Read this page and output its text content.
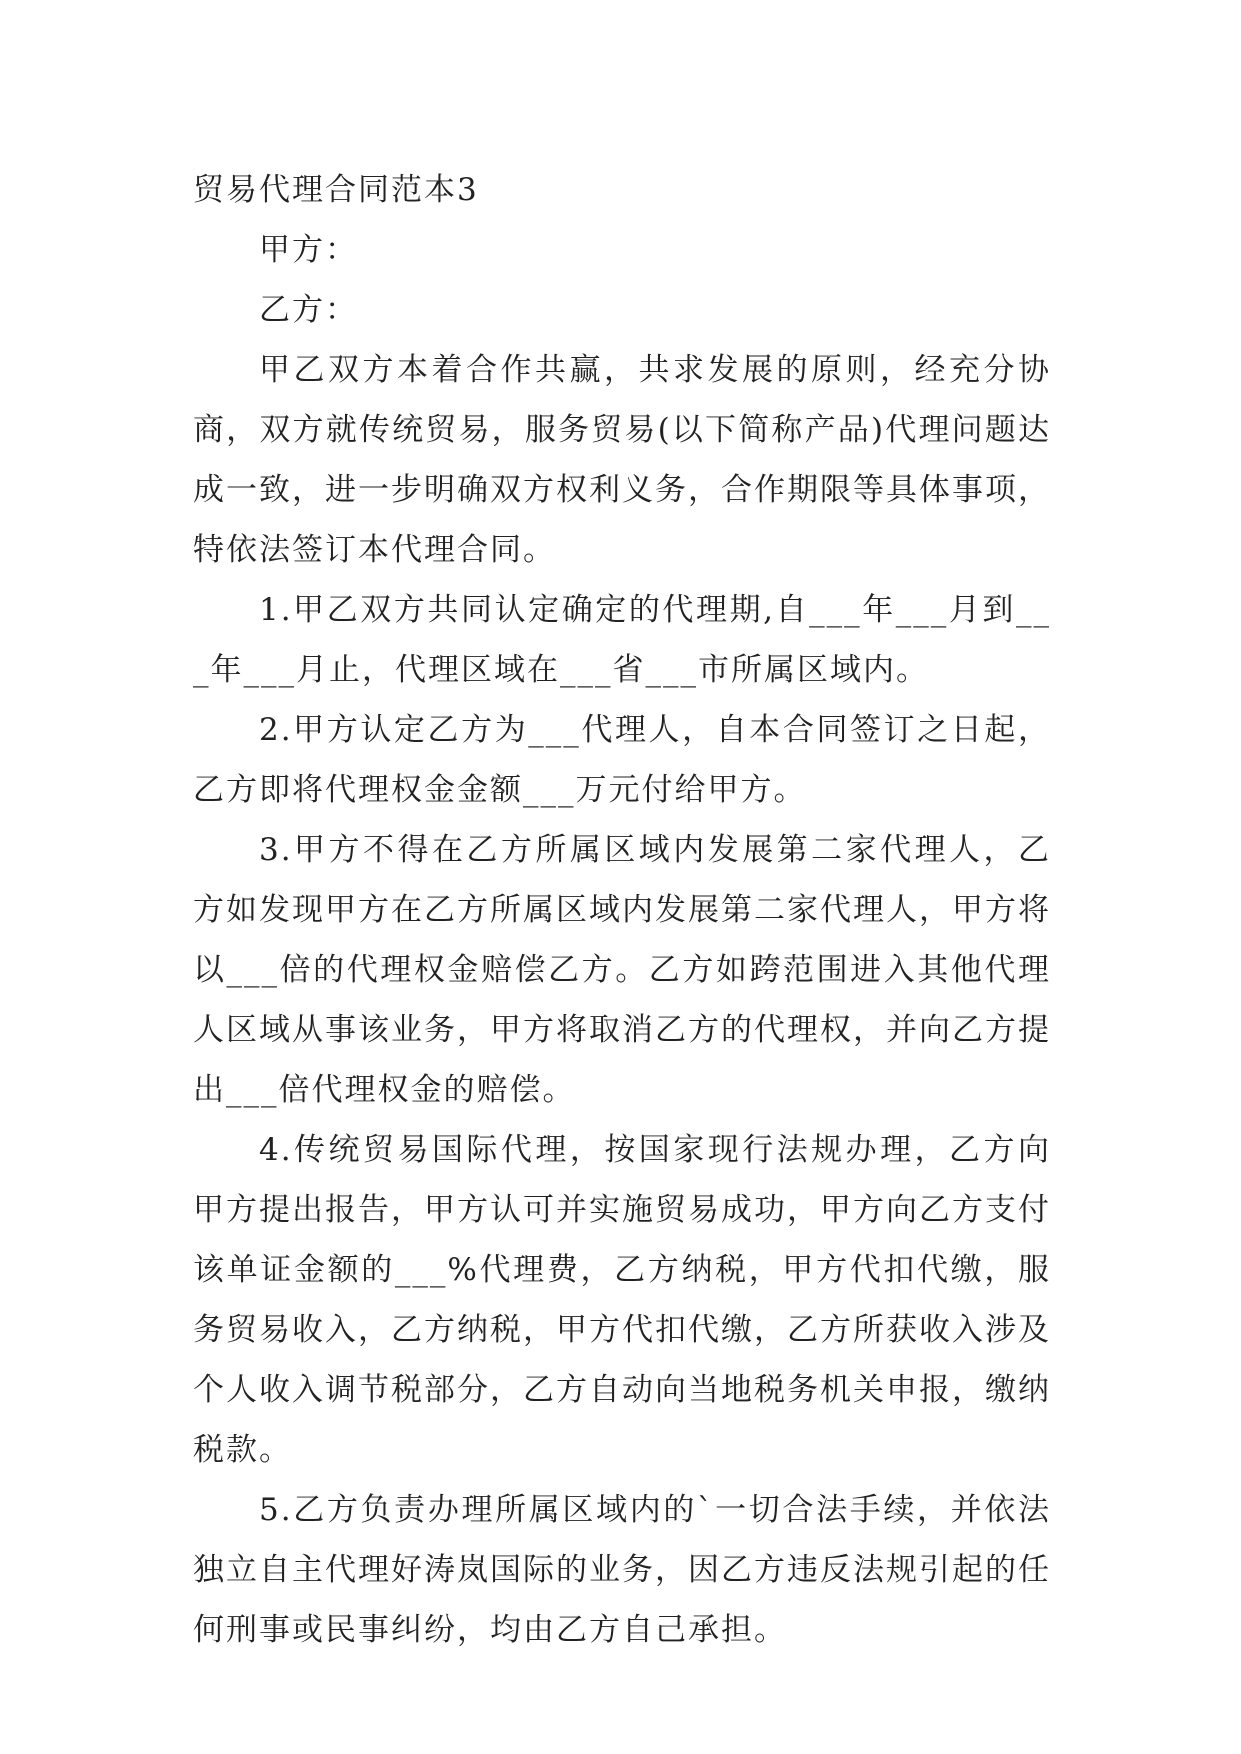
贸易代理合同范本3

甲方：

乙方：

甲乙双方本着合作共赢，共求发展的原则，经充分协商，双方就传统贸易，服务贸易(以下简称产品)代理问题达成一致，进一步明确双方权利义务，合作期限等具体事项，特依法签订本代理合同。

1.甲乙双方共同认定确定的代理期,自___年___月到___年___月止，代理区域在___省___市所属区域内。

2.甲方认定乙方为___代理人，自本合同签订之日起，乙方即将代理权金金额___万元付给甲方。

3.甲方不得在乙方所属区域内发展第二家代理人，乙方如发现甲方在乙方所属区域内发展第二家代理人，甲方将以___倍的代理权金赔偿乙方。乙方如跨范围进入其他代理人区域从事该业务，甲方将取消乙方的代理权，并向乙方提出___倍代理权金的赔偿。

4.传统贸易国际代理，按国家现行法规办理，乙方向甲方提出报告，甲方认可并实施贸易成功，甲方向乙方支付该单证金额的___%代理费，乙方纳税，甲方代扣代缴，服务贸易收入，乙方纳税，甲方代扣代缴，乙方所获收入涉及个人收入调节税部分，乙方自动向当地税务机关申报，缴纳税款。

5.乙方负责办理所属区域内的`一切合法手续，并依法独立自主代理好涛岚国际的业务，因乙方违反法规引起的任何刑事或民事纠纷，均由乙方自己承担。
